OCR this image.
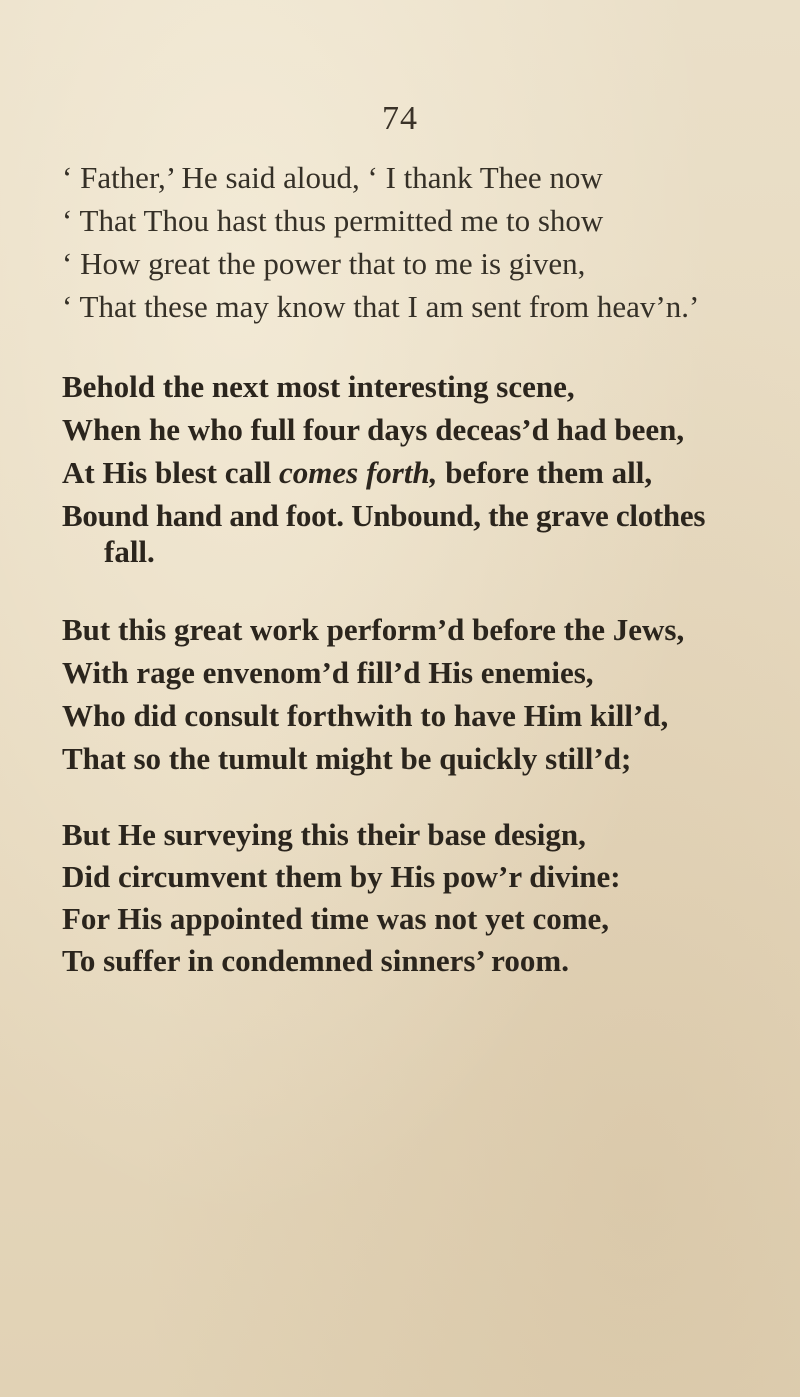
74
‘ Father,’ He said aloud, ‘ I thank Thee now
‘ That Thou hast thus permitted me to show
‘ How great the power that to me is given,
‘ That these may know that I am sent from heav’n.’
Behold the next most interesting scene,
When he who full four days deceas’d had been,
At His blest call comes forth, before them all,
Bound hand and foot. Unbound, the grave clothes
fall.
But this great work perform’d before the Jews,
With rage envenom’d fill’d His enemies,
Who did consult forthwith to have Him kill’d,
That so the tumult might be quickly still’d;
But He surveying this their base design,
Did circumvent them by His pow’r divine:
For His appointed time was not yet come,
To suffer in condemned sinners’ room.
